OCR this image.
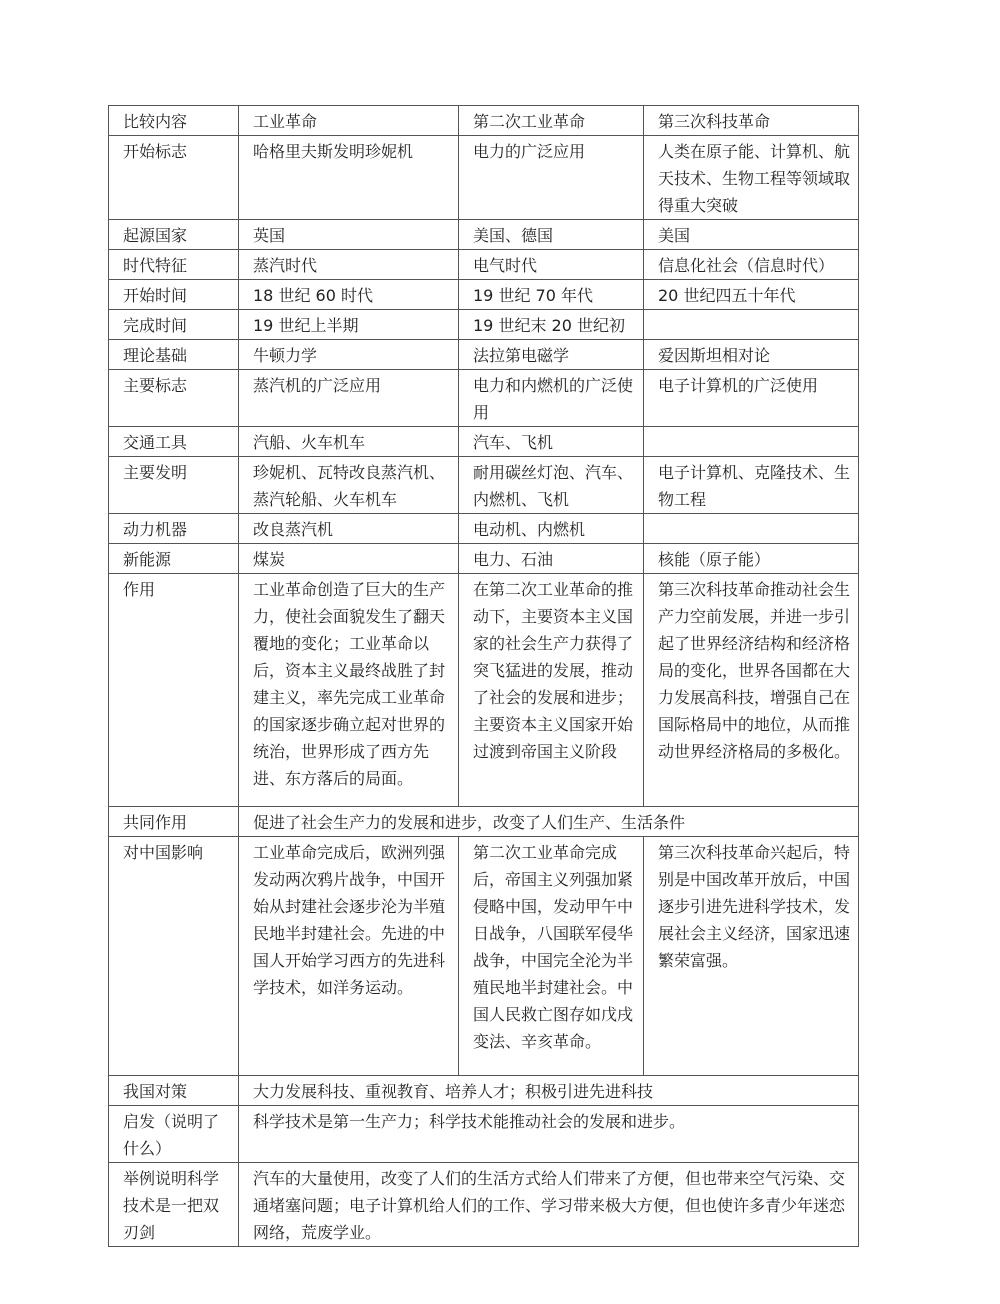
比较内容	工业革命	第二次工业革命	第三次科技革命
开始标志	哈格里夫斯发明珍妮机	电力的广泛应用	人类在原子能、计算机、航天技术、生物工程等领域取得重大突破
起源国家	英国	美国、德国	美国
时代特征	蒸汽时代	电气时代	信息化社会（信息时代）
开始时间	18 世纪 60 时代	19 世纪 70 年代	20 世纪四五十年代
完成时间	19 世纪上半期	19 世纪末 20 世纪初	
理论基础	牛顿力学	法拉第电磁学	爱因斯坦相对论
主要标志	蒸汽机的广泛应用	电力和内燃机的广泛使用	电子计算机的广泛使用
交通工具	汽船、火车机车	汽车、飞机	
主要发明	珍妮机、瓦特改良蒸汽机、蒸汽轮船、火车机车	耐用碳丝灯泡、汽车、内燃机、飞机	电子计算机、克隆技术、生物工程
动力机器	改良蒸汽机	电动机、内燃机	
新能源	煤炭	电力、石油	核能（原子能）
作用	工业革命创造了巨大的生产力，使社会面貌发生了翻天覆地的变化；工业革命以后，资本主义最终战胜了封建主义，率先完成工业革命的国家逐步确立起对世界的统治，世界形成了西方先进、东方落后的局面。	在第二次工业革命的推动下，主要资本主义国家的社会生产力获得了突飞猛进的发展，推动了社会的发展和进步；主要资本主义国家开始过渡到帝国主义阶段	第三次科技革命推动社会生产力空前发展，并进一步引起了世界经济结构和经济格局的变化，世界各国都在大力发展高科技，增强自己在国际格局中的地位，从而推动世界经济格局的多极化。
共同作用	促进了社会生产力的发展和进步，改变了人们生产、生活条件		
对中国影响	工业革命完成后，欧洲列强发动两次鸦片战争，中国开始从封建社会逐步沦为半殖民地半封建社会。先进的中国人开始学习西方的先进科学技术，如洋务运动。	第二次工业革命完成后，帝国主义列强加紧侵略中国，发动甲午中日战争，八国联军侵华战争，中国完全沦为半殖民地半封建社会。中国人民救亡图存如戊戌变法、辛亥革命。	第三次科技革命兴起后，特别是中国改革开放后，中国逐步引进先进科学技术，发展社会主义经济，国家迅速繁荣富强。
我国对策	大力发展科技、重视教育、培养人才；积极引进先进科技		
启发（说明了什么）	科学技术是第一生产力；科学技术能推动社会的发展和进步。		
举例说明科学技术是一把双刃剑	汽车的大量使用，改变了人们的生活方式给人们带来了方便，但也带来空气污染、交通堵塞问题；电子计算机给人们的工作、学习带来极大方便，但也使许多青少年迷恋网络，荒废学业。		
